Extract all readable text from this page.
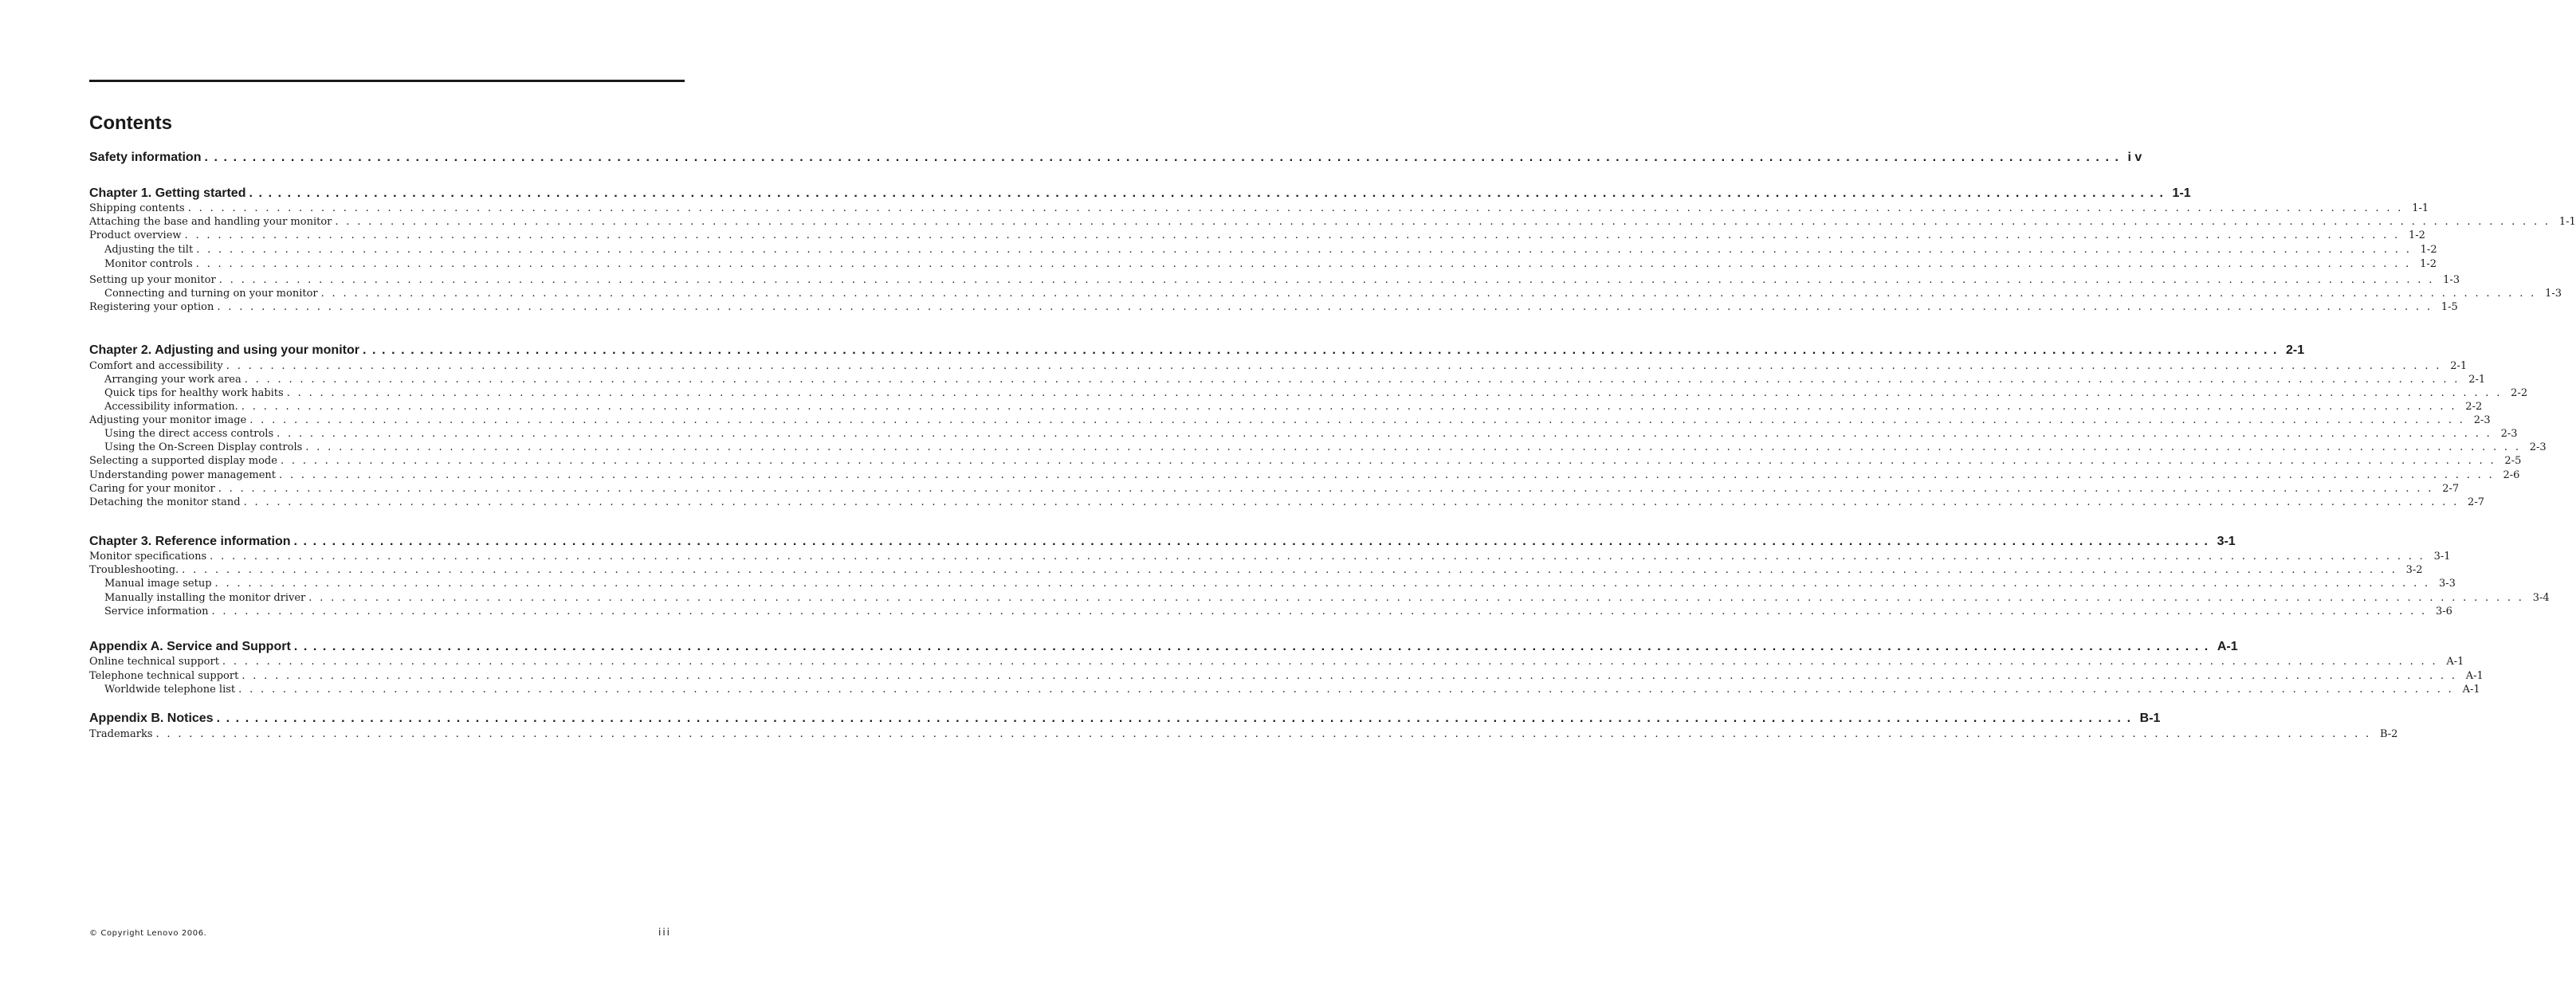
Contents
Safety information ........................................................................................................................................................................................................ i v
Chapter 1. Getting started ........................................................................................................................................................................................................ 1-1
Shipping contents ........................................................................................................................................................................................................ 1-1
Attaching the base and handling your monitor ........................................................................................................................................................................................................ 1-1
Product overview ........................................................................................................................................................................................................ 1-2
Adjusting the tilt ........................................................................................................................................................................................................ 1-2
Monitor controls ........................................................................................................................................................................................................ 1-2
Setting up your monitor ........................................................................................................................................................................................................ 1-3
Connecting and turning on your monitor ........................................................................................................................................................................................................ 1-3
Registering your option ........................................................................................................................................................................................................ 1-5
Chapter 2. Adjusting and using your monitor ........................................................................................................................................................................................................ 2-1
Comfort and accessibility ........................................................................................................................................................................................................ 2-1
Arranging your work area ........................................................................................................................................................................................................ 2-1
Quick tips for healthy work habits ........................................................................................................................................................................................................ 2-2
Accessibility information. ........................................................................................................................................................................................................ 2-2
Adjusting your monitor image ........................................................................................................................................................................................................ 2-3
Using the direct access controls ........................................................................................................................................................................................................ 2-3
Using the On-Screen Display controls ........................................................................................................................................................................................................ 2-3
Selecting a supported display mode ........................................................................................................................................................................................................ 2-5
Understanding power management ........................................................................................................................................................................................................ 2-6
Caring for your monitor ........................................................................................................................................................................................................ 2-7
Detaching the monitor stand ........................................................................................................................................................................................................ 2-7
Chapter 3. Reference information ........................................................................................................................................................................................................ 3-1
Monitor specifications ........................................................................................................................................................................................................ 3-1
Troubleshooting. ........................................................................................................................................................................................................ 3-2
Manual image setup ........................................................................................................................................................................................................ 3-3
Manually installing the monitor driver ........................................................................................................................................................................................................ 3-4
Service information ........................................................................................................................................................................................................ 3-6
Appendix A. Service and Support ........................................................................................................................................................................................................ A-1
Online technical support ........................................................................................................................................................................................................ A-1
Telephone technical support ........................................................................................................................................................................................................ A-1
Worldwide telephone list ........................................................................................................................................................................................................ A-1
Appendix B. Notices ........................................................................................................................................................................................................ B-1
Trademarks ........................................................................................................................................................................................................ B-2
© Copyright Lenovo 2006.	iii
